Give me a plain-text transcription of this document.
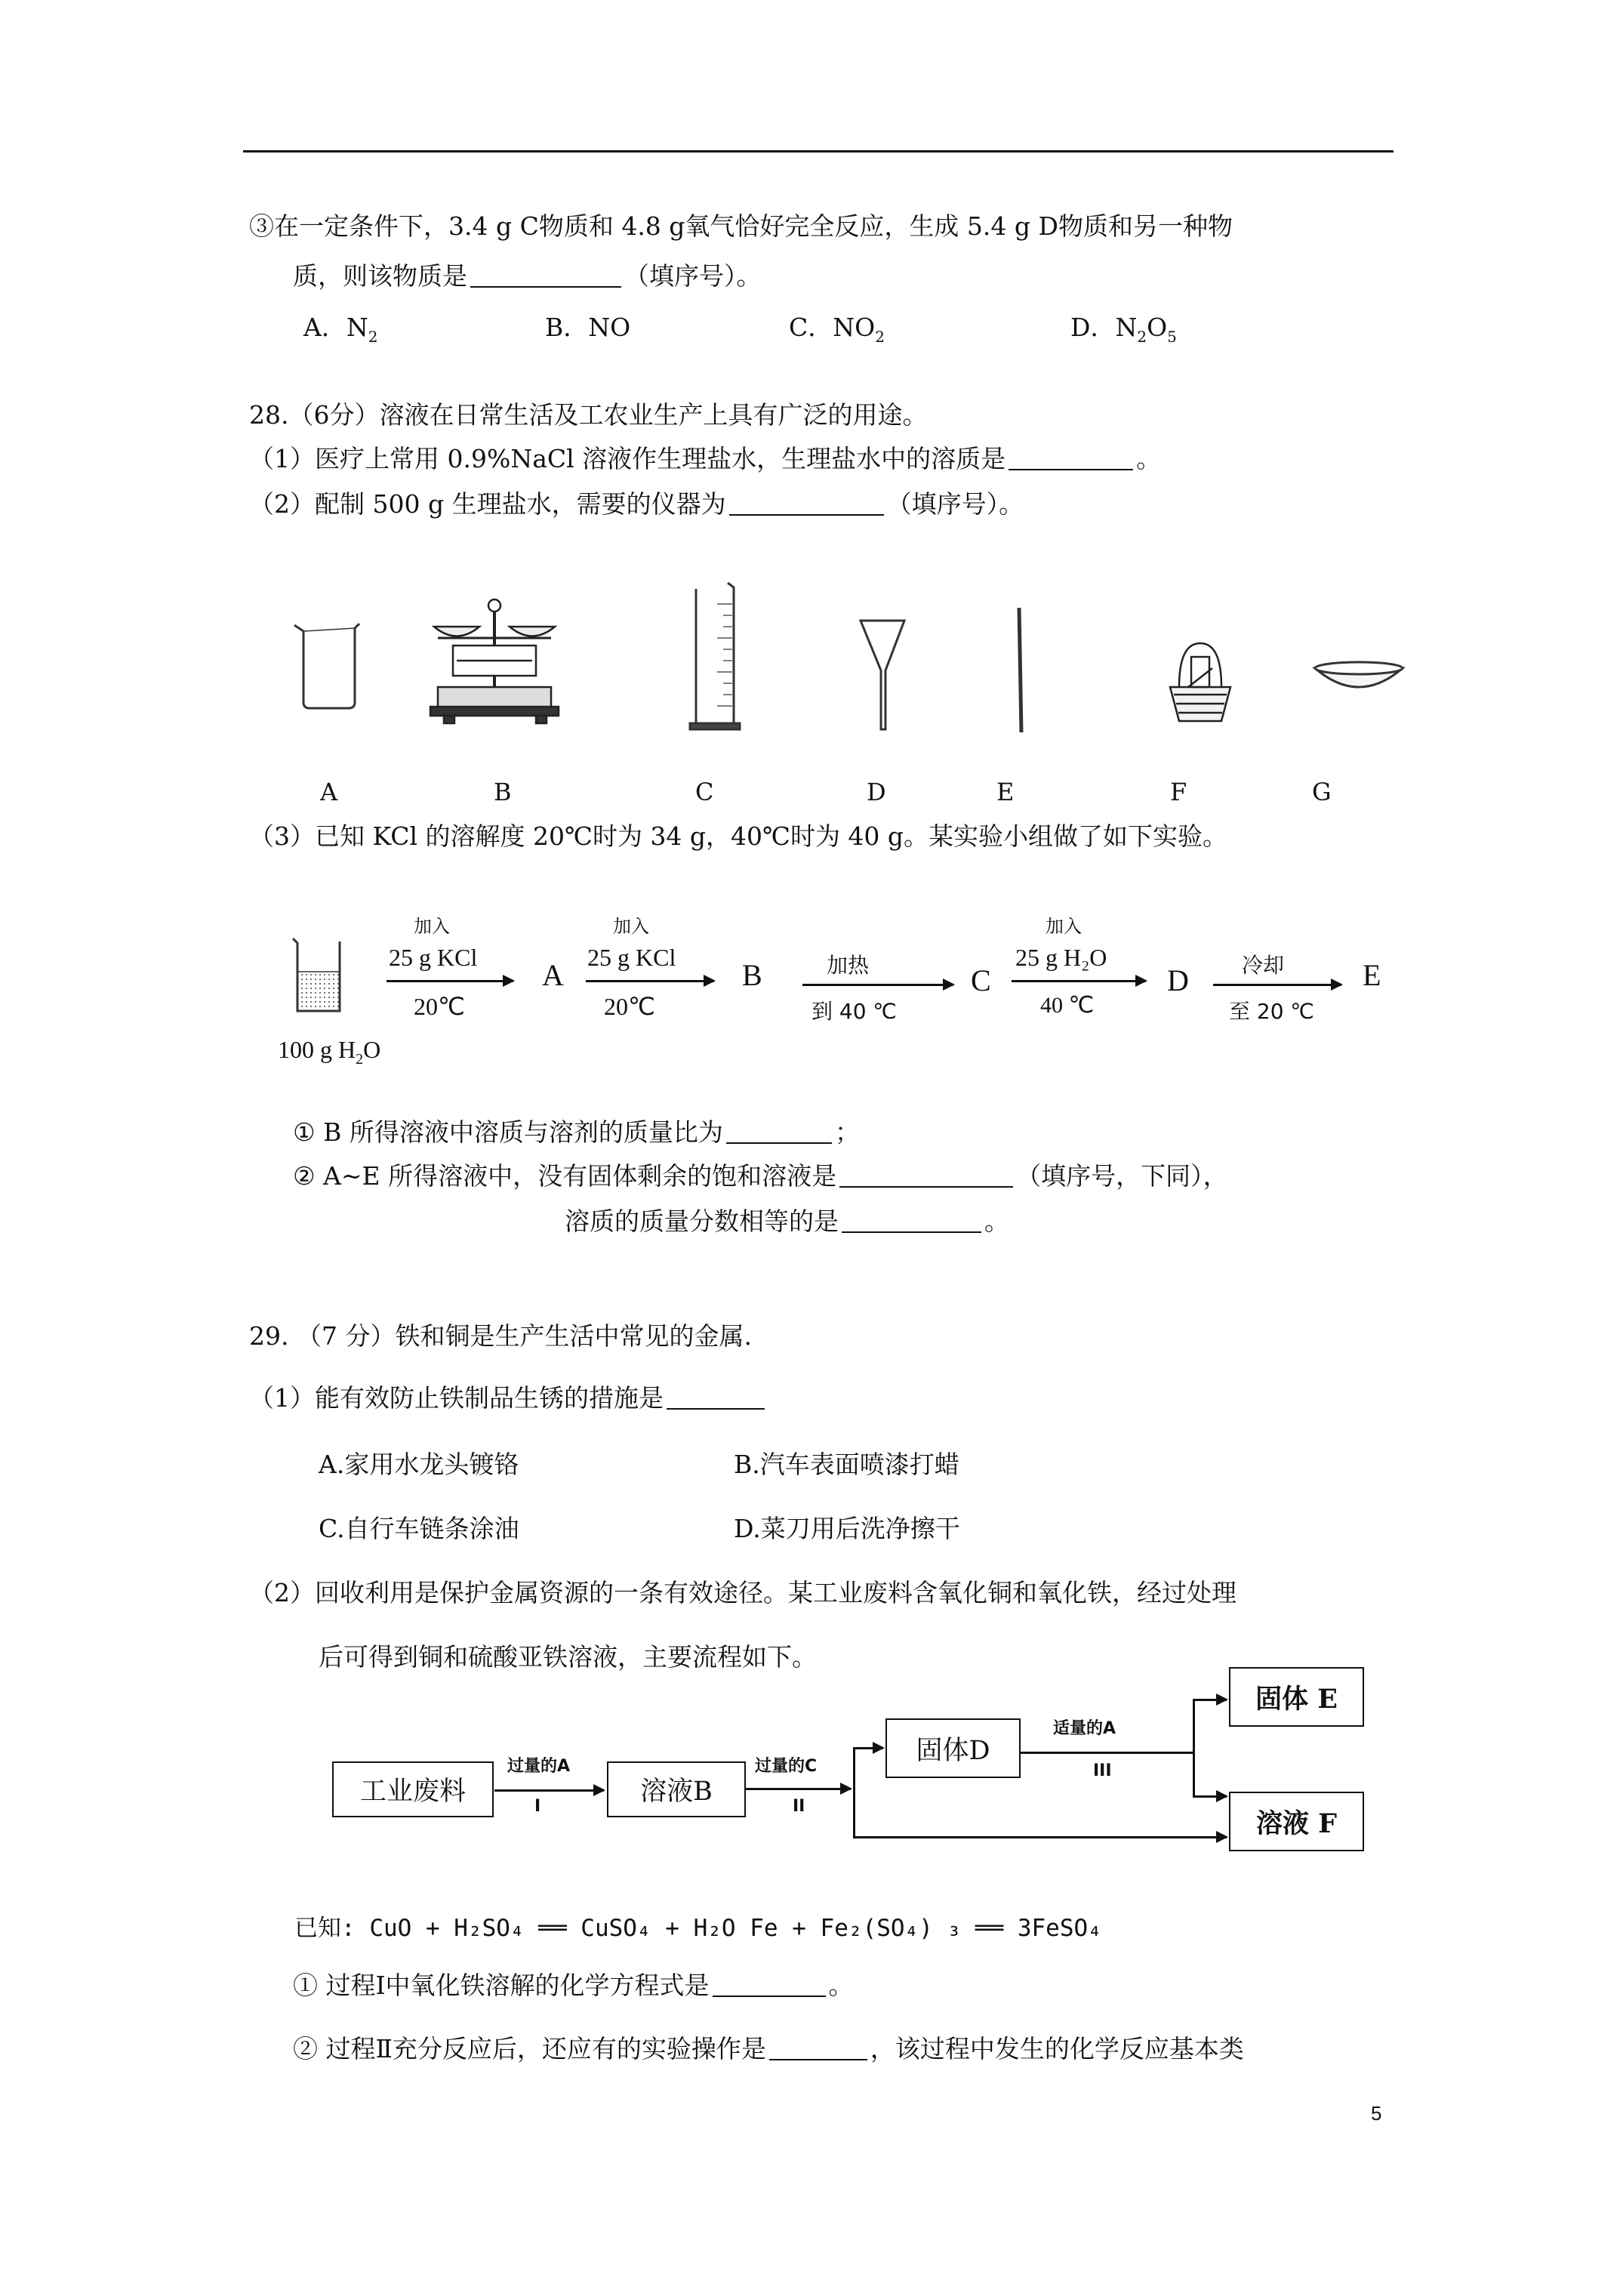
③在一定条件下，3.4 g C物质和 4.8 g氧气恰好完全反应，生成 5.4 g D物质和另一种物
质，则该物质是	（填序号）。
A．$N_2$	B．NO	C．$NO_2$	D．$N_2O_5$
28.（6分）溶液在日常生活及工农业生产上具有广泛的用途。
（1）医疗上常用 0.9%NaCl 溶液作生理盐水，生理盐水中的溶质是	。
（2）配制 500 g 生理盐水，需要的仪器为	（填序号）。
A	B	C	D	E	F	G
（3）已知 KCl 的溶解度 20℃时为 34 g，40℃时为 40 g。某实验小组做了如下实验。
100 g $H_2O$
加入
25 g KCl
20℃
A
加入
25 g KCl
20℃
B	加热
到 40 ℃
C
加入
25 g H₂O
40 ℃
D	冷却
至 20 ℃
E
① B 所得溶液中溶质与溶剂的质量比为	；
② A~E 所得溶液中，没有固体剩余的饱和溶液是	（填序号，下同），
溶质的质量分数相等的是	。
29. （7 分）铁和铜是生产生活中常见的金属.
（1）能有效防止铁制品生锈的措施是
A.家用水龙头镀铬	B.汽车表面喷漆打蜡
C.自行车链条涂油	D.菜刀用后洗净擦干
（2）回收利用是保护金属资源的一条有效途径。某工业废料含氧化铜和氧化铁，经过处理
后可得到铜和硫酸亚铁溶液，主要流程如下。
工业废料
过量的A
I	溶液B
过量的C
II
固体D
适量的A
III
固体 E
溶液 F
已知: CuO + H₂SO₄ ══ CuSO₄ + H₂O Fe + Fe₂(SO₄) ₃ ══ 3FeSO₄
① 过程Ⅰ中氧化铁溶解的化学方程式是	。
② 过程Ⅱ充分反应后，还应有的实验操作是	，该过程中发生的化学反应基本类
5
